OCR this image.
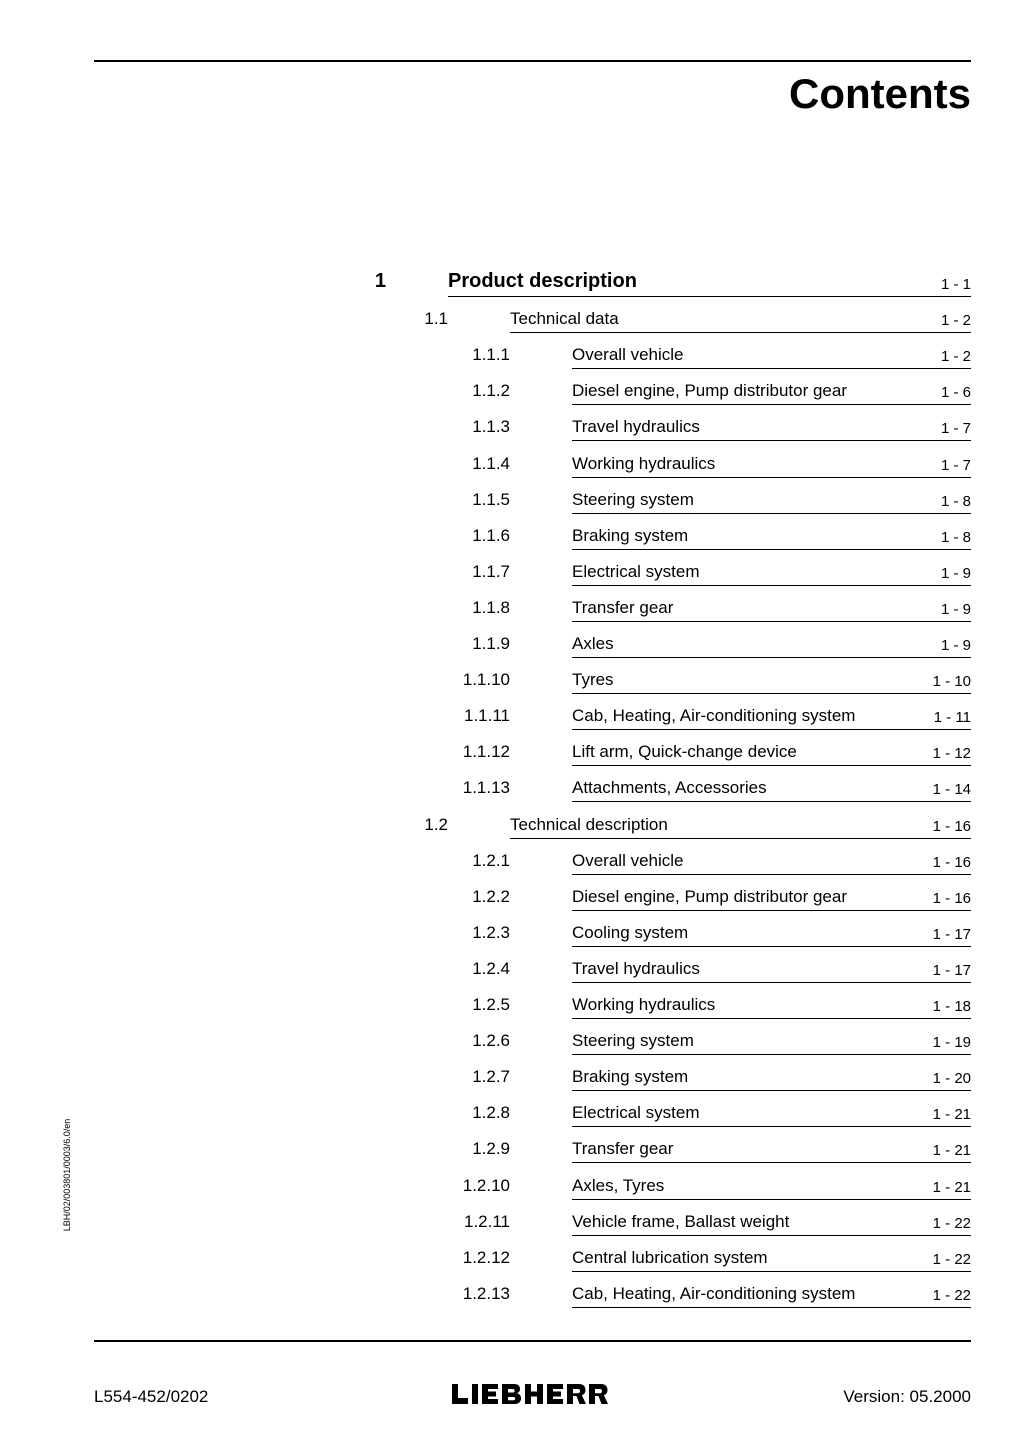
Contents
1	Product description	1 - 1
1.1	Technical data	1 - 2
1.1.1	Overall vehicle	1 - 2
1.1.2	Diesel engine, Pump distributor gear	1 - 6
1.1.3	Travel hydraulics	1 - 7
1.1.4	Working hydraulics	1 - 7
1.1.5	Steering system	1 - 8
1.1.6	Braking system	1 - 8
1.1.7	Electrical system	1 - 9
1.1.8	Transfer gear	1 - 9
1.1.9	Axles	1 - 9
1.1.10	Tyres	1 - 10
1.1.11	Cab, Heating, Air-conditioning system	1 - 11
1.1.12	Lift arm, Quick-change device	1 - 12
1.1.13	Attachments, Accessories	1 - 14
1.2	Technical description	1 - 16
1.2.1	Overall vehicle	1 - 16
1.2.2	Diesel engine, Pump distributor gear	1 - 16
1.2.3	Cooling system	1 - 17
1.2.4	Travel hydraulics	1 - 17
1.2.5	Working hydraulics	1 - 18
1.2.6	Steering system	1 - 19
1.2.7	Braking system	1 - 20
1.2.8	Electrical system	1 - 21
1.2.9	Transfer gear	1 - 21
1.2.10	Axles, Tyres	1 - 21
1.2.11	Vehicle frame, Ballast weight	1 - 22
1.2.12	Central lubrication system	1 - 22
1.2.13	Cab, Heating, Air-conditioning system	1 - 22
LBH/02/003801/0003/6.0/en
L554-452/0202	Version: 05.2000
